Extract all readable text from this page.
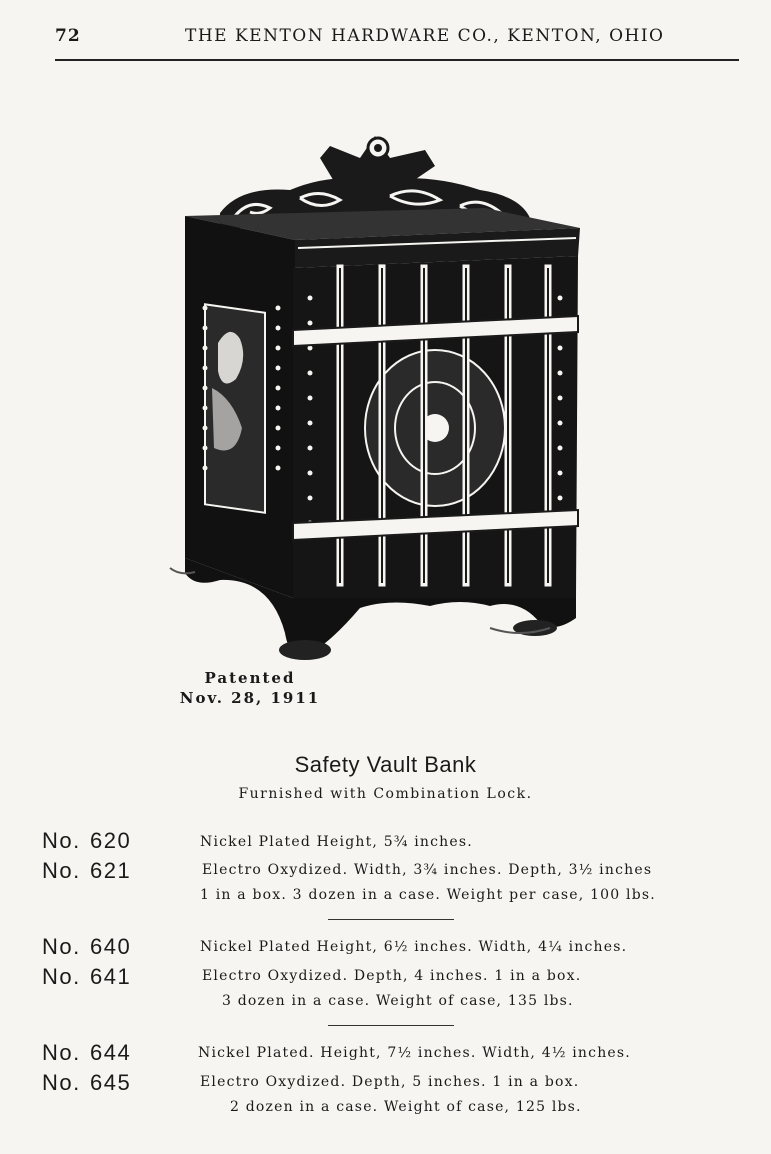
72	THE KENTON HARDWARE CO., KENTON, OHIO
Patented
Nov. 28, 1911
Safety Vault Bank
Furnished with Combination Lock.
No. 620
No. 621
Nickel Plated Height, 5¾ inches.
Electro Oxydized. Width, 3¾ inches. Depth, 3½ inches
1 in a box. 3 dozen in a case. Weight per case, 100 lbs.
No. 640
No. 641
Nickel Plated Height, 6½ inches. Width, 4¼ inches.
Electro Oxydized. Depth, 4 inches. 1 in a box.
3 dozen in a case. Weight of case, 135 lbs.
No. 644
No. 645
Nickel Plated. Height, 7½ inches. Width, 4½ inches.
Electro Oxydized. Depth, 5 inches. 1 in a box.
2 dozen in a case. Weight of case, 125 lbs.
